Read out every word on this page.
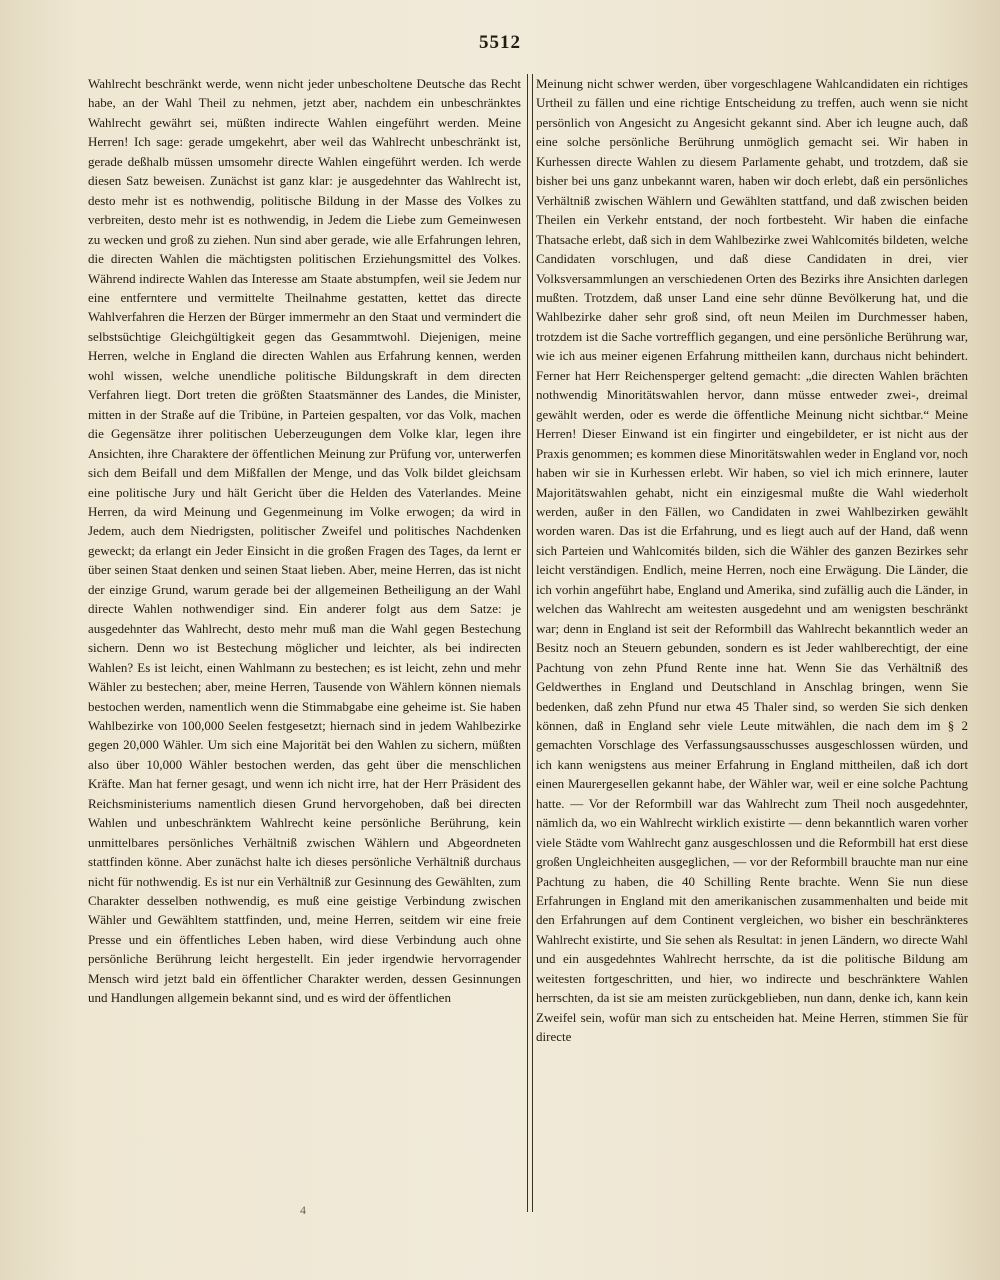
5512

Wahlrecht beschränkt werde, wenn nicht jeder unbescholtene Deutsche das Recht habe, an der Wahl Theil zu nehmen, jetzt aber, nachdem ein unbeschränktes Wahlrecht gewährt sei, müßten indirecte Wahlen eingeführt werden. Meine Herren! Ich sage: gerade umgekehrt, aber weil das Wahlrecht unbeschränkt ist, gerade deßhalb müssen umsomehr directe Wahlen eingeführt werden. Ich werde diesen Satz beweisen. Zunächst ist ganz klar: je ausgedehnter das Wahlrecht ist, desto mehr ist es nothwendig, politische Bildung in der Masse des Volkes zu verbreiten, desto mehr ist es nothwendig, in Jedem die Liebe zum Gemeinwesen zu wecken und groß zu ziehen. Nun sind aber gerade, wie alle Erfahrungen lehren, die directen Wahlen die mächtigsten politischen Erziehungsmittel des Volkes. Während indirecte Wahlen das Interesse am Staate abstumpfen, weil sie Jedem nur eine entferntere und vermittelte Theilnahme gestatten, kettet das directe Wahlverfahren die Herzen der Bürger immermehr an den Staat und vermindert die selbstsüchtige Gleichgültigkeit gegen das Gesammtwohl. Diejenigen, meine Herren, welche in England die directen Wahlen aus Erfahrung kennen, werden wohl wissen, welche unendliche politische Bildungskraft in dem directen Verfahren liegt. Dort treten die größten Staatsmänner des Landes, die Minister, mitten in der Straße auf die Tribüne, in Parteien gespalten, vor das Volk, machen die Gegensätze ihrer politischen Ueberzeugungen dem Volke klar, legen ihre Ansichten, ihre Charaktere der öffentlichen Meinung zur Prüfung vor, unterwerfen sich dem Beifall und dem Mißfallen der Menge, und das Volk bildet gleichsam eine politische Jury und hält Gericht über die Helden des Vaterlandes. Meine Herren, da wird Meinung und Gegenmeinung im Volke erwogen; da wird in Jedem, auch dem Niedrigsten, politischer Zweifel und politisches Nachdenken geweckt; da erlangt ein Jeder Einsicht in die großen Fragen des Tages, da lernt er über seinen Staat denken und seinen Staat lieben. Aber, meine Herren, das ist nicht der einzige Grund, warum gerade bei der allgemeinen Betheiligung an der Wahl directe Wahlen nothwendiger sind. Ein anderer folgt aus dem Satze: je ausgedehnter das Wahlrecht, desto mehr muß man die Wahl gegen Bestechung sichern. Denn wo ist Bestechung möglicher und leichter, als bei indirecten Wahlen? Es ist leicht, einen Wahlmann zu bestechen; es ist leicht, zehn und mehr Wähler zu bestechen; aber, meine Herren, Tausende von Wählern können niemals bestochen werden, namentlich wenn die Stimmabgabe eine geheime ist. Sie haben Wahlbezirke von 100,000 Seelen festgesetzt; hiernach sind in jedem Wahlbezirke gegen 20,000 Wähler. Um sich eine Majorität bei den Wahlen zu sichern, müßten also über 10,000 Wähler bestochen werden, das geht über die menschlichen Kräfte. Man hat ferner gesagt, und wenn ich nicht irre, hat der Herr Präsident des Reichsministeriums namentlich diesen Grund hervorgehoben, daß bei directen Wahlen und unbeschränktem Wahlrecht keine persönliche Berührung, kein unmittelbares persönliches Verhältniß zwischen Wählern und Abgeordneten stattfinden könne. Aber zunächst halte ich dieses persönliche Verhältniß durchaus nicht für nothwendig. Es ist nur ein Verhältniß zur Gesinnung des Gewählten, zum Charakter desselben nothwendig, es muß eine geistige Verbindung zwischen Wähler und Gewähltem stattfinden, und, meine Herren, seitdem wir eine freie Presse und ein öffentliches Leben haben, wird diese Verbindung auch ohne persönliche Berührung leicht hergestellt. Ein jeder irgendwie hervorragender Mensch wird jetzt bald ein öffentlicher Charakter werden, dessen Gesinnungen und Handlungen allgemein bekannt sind, und es wird der öffentlichen

Meinung nicht schwer werden, über vorgeschlagene Wahlcandidaten ein richtiges Urtheil zu fällen und eine richtige Entscheidung zu treffen, auch wenn sie nicht persönlich von Angesicht zu Angesicht gekannt sind. Aber ich leugne auch, daß eine solche persönliche Berührung unmöglich gemacht sei. Wir haben in Kurhessen directe Wahlen zu diesem Parlamente gehabt, und trotzdem, daß sie bisher bei uns ganz unbekannt waren, haben wir doch erlebt, daß ein persönliches Verhältniß zwischen Wählern und Gewählten stattfand, und daß zwischen beiden Theilen ein Verkehr entstand, der noch fortbesteht. Wir haben die einfache Thatsache erlebt, daß sich in dem Wahlbezirke zwei Wahlcomités bildeten, welche Candidaten vorschlugen, und daß diese Candidaten in drei, vier Volksversammlungen an verschiedenen Orten des Bezirks ihre Ansichten darlegen mußten. Trotzdem, daß unser Land eine sehr dünne Bevölkerung hat, und die Wahlbezirke daher sehr groß sind, oft neun Meilen im Durchmesser haben, trotzdem ist die Sache vortrefflich gegangen, und eine persönliche Berührung war, wie ich aus meiner eigenen Erfahrung mittheilen kann, durchaus nicht behindert. Ferner hat Herr Reichensperger geltend gemacht: „die directen Wahlen brächten nothwendig Minoritätswahlen hervor, dann müsse entweder zwei-, dreimal gewählt werden, oder es werde die öffentliche Meinung nicht sichtbar.“ Meine Herren! Dieser Einwand ist ein fingirter und eingebildeter, er ist nicht aus der Praxis genommen; es kommen diese Minoritätswahlen weder in England vor, noch haben wir sie in Kurhessen erlebt. Wir haben, so viel ich mich erinnere, lauter Majoritätswahlen gehabt, nicht ein einzigesmal mußte die Wahl wiederholt werden, außer in den Fällen, wo Candidaten in zwei Wahlbezirken gewählt worden waren. Das ist die Erfahrung, und es liegt auch auf der Hand, daß wenn sich Parteien und Wahlcomités bilden, sich die Wähler des ganzen Bezirkes sehr leicht verständigen. Endlich, meine Herren, noch eine Erwägung. Die Länder, die ich vorhin angeführt habe, England und Amerika, sind zufällig auch die Länder, in welchen das Wahlrecht am weitesten ausgedehnt und am wenigsten beschränkt war; denn in England ist seit der Reformbill das Wahlrecht bekanntlich weder an Besitz noch an Steuern gebunden, sondern es ist Jeder wahlberechtigt, der eine Pachtung von zehn Pfund Rente inne hat. Wenn Sie das Verhältniß des Geldwerthes in England und Deutschland in Anschlag bringen, wenn Sie bedenken, daß zehn Pfund nur etwa 45 Thaler sind, so werden Sie sich denken können, daß in England sehr viele Leute mitwählen, die nach dem im § 2 gemachten Vorschlage des Verfassungsausschusses ausgeschlossen würden, und ich kann wenigstens aus meiner Erfahrung in England mittheilen, daß ich dort einen Maurergesellen gekannt habe, der Wähler war, weil er eine solche Pachtung hatte. — Vor der Reformbill war das Wahlrecht zum Theil noch ausgedehnter, nämlich da, wo ein Wahlrecht wirklich existirte — denn bekanntlich waren vorher viele Städte vom Wahlrecht ganz ausgeschlossen und die Reformbill hat erst diese großen Ungleichheiten ausgeglichen, — vor der Reformbill brauchte man nur eine Pachtung zu haben, die 40 Schilling Rente brachte. Wenn Sie nun diese Erfahrungen in England mit den amerikanischen zusammenhalten und beide mit den Erfahrungen auf dem Continent vergleichen, wo bisher ein beschränkteres Wahlrecht existirte, und Sie sehen als Resultat: in jenen Ländern, wo directe Wahl und ein ausgedehntes Wahlrecht herrschte, da ist die politische Bildung am weitesten fortgeschritten, und hier, wo indirecte und beschränktere Wahlen herrschten, da ist sie am meisten zurückgeblieben, nun dann, denke ich, kann kein Zweifel sein, wofür man sich zu entscheiden hat. Meine Herren, stimmen Sie für directe

4
